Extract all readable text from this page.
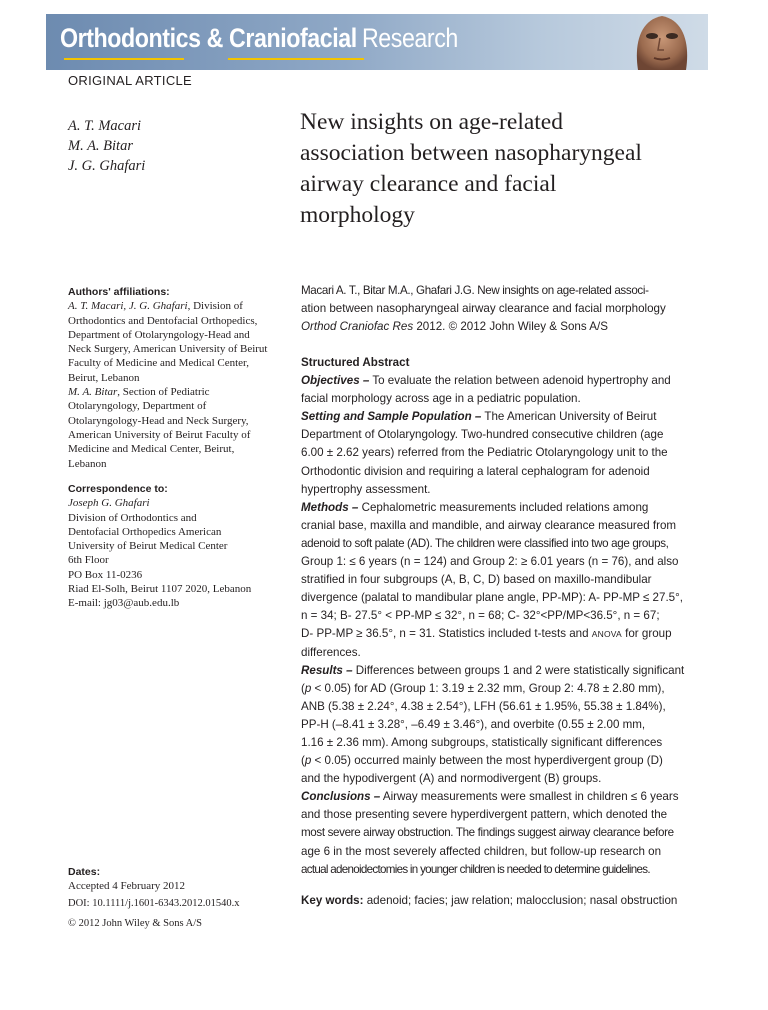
Orthodontics & Craniofacial Research
ORIGINAL ARTICLE
A. T. Macari
M. A. Bitar
J. G. Ghafari
New insights on age-related
association between nasopharyngeal
airway clearance and facial
morphology
Authors' affiliations:
A. T. Macari, J. G. Ghafari, Division of
Orthodontics and Dentofacial Orthopedics,
Department of Otolaryngology-Head and
Neck Surgery, American University of Beirut
Faculty of Medicine and Medical Center,
Beirut, Lebanon
M. A. Bitar, Section of Pediatric
Otolaryngology, Department of
Otolaryngology-Head and Neck Surgery,
American University of Beirut Faculty of
Medicine and Medical Center, Beirut,
Lebanon
Correspondence to:
Joseph G. Ghafari
Division of Orthodontics and
Dentofacial Orthopedics American
University of Beirut Medical Center
6th Floor
PO Box 11-0236
Riad El-Solh, Beirut 1107 2020, Lebanon
E-mail: jg03@aub.edu.lb
Dates:
Accepted 4 February 2012
DOI: 10.1111/j.1601-6343.2012.01540.x
© 2012 John Wiley & Sons A/S
Macari A. T., Bitar M.A., Ghafari J.G. New insights on age-related associ-
ation between nasopharyngeal airway clearance and facial morphology
Orthod Craniofac Res 2012. © 2012 John Wiley & Sons A/S
Structured Abstract
Objectives – To evaluate the relation between adenoid hypertrophy and
facial morphology across age in a pediatric population.
Setting and Sample Population – The American University of Beirut
Department of Otolaryngology. Two-hundred consecutive children (age
6.00 ± 2.62 years) referred from the Pediatric Otolaryngology unit to the
Orthodontic division and requiring a lateral cephalogram for adenoid
hypertrophy assessment.
Methods – Cephalometric measurements included relations among
cranial base, maxilla and mandible, and airway clearance measured from
adenoid to soft palate (AD). The children were classified into two age groups,
Group 1: ≤ 6 years (n = 124) and Group 2: ≥ 6.01 years (n = 76), and also
stratified in four subgroups (A, B, C, D) based on maxillo-mandibular
divergence (palatal to mandibular plane angle, PP-MP): A- PP-MP ≤ 27.5°,
n = 34; B- 27.5° < PP-MP ≤ 32°, n = 68; C- 32°<PP/MP<36.5°, n = 67;
D- PP-MP ≥ 36.5°, n = 31. Statistics included t-tests and ANOVA for group
differences.
Results – Differences between groups 1 and 2 were statistically significant
(p < 0.05) for AD (Group 1: 3.19 ± 2.32 mm, Group 2: 4.78 ± 2.80 mm),
ANB (5.38 ± 2.24°, 4.38 ± 2.54°), LFH (56.61 ± 1.95%, 55.38 ± 1.84%),
PP-H (–8.41 ± 3.28°, –6.49 ± 3.46°), and overbite (0.55 ± 2.00 mm,
1.16 ± 2.36 mm). Among subgroups, statistically significant differences
(p < 0.05) occurred mainly between the most hyperdivergent group (D)
and the hypodivergent (A) and normodivergent (B) groups.
Conclusions – Airway measurements were smallest in children ≤ 6 years
and those presenting severe hyperdivergent pattern, which denoted the
most severe airway obstruction. The findings suggest airway clearance before
age 6 in the most severely affected children, but follow-up research on
actual adenoidectomies in younger children is needed to determine guidelines.
Key words: adenoid; facies; jaw relation; malocclusion; nasal obstruction
